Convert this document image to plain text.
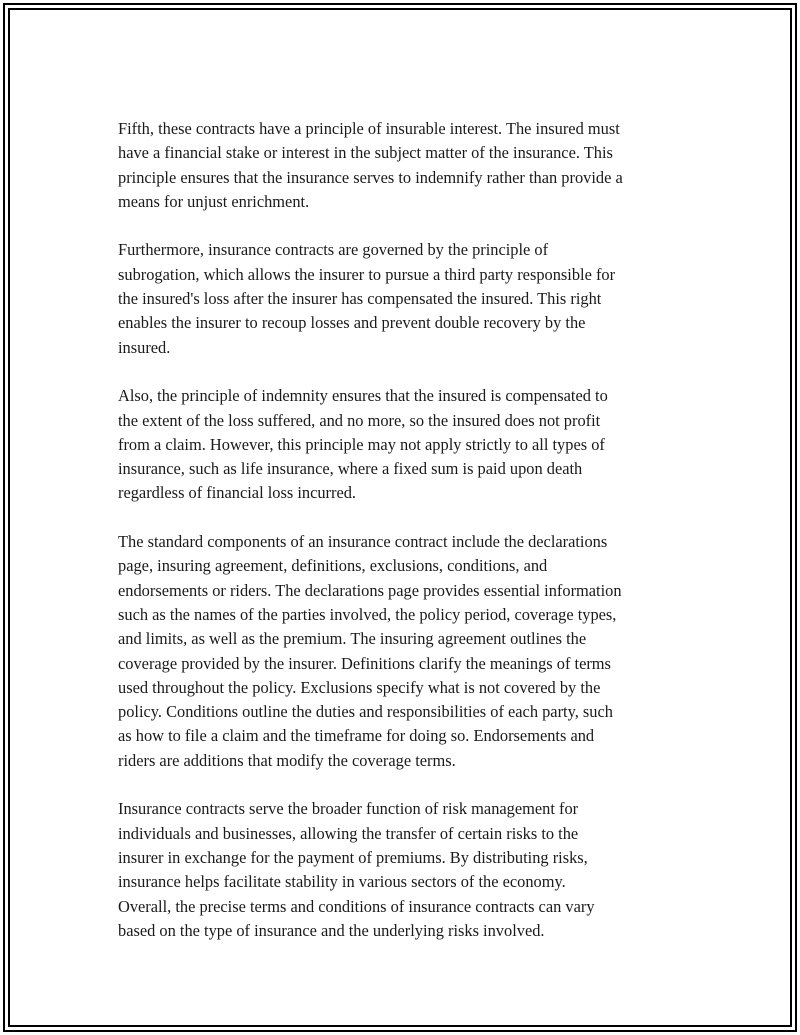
Fifth, these contracts have a principle of insurable interest. The insured must
have a financial stake or interest in the subject matter of the insurance. This
principle ensures that the insurance serves to indemnify rather than provide a
means for unjust enrichment.

Furthermore, insurance contracts are governed by the principle of
subrogation, which allows the insurer to pursue a third party responsible for
the insured's loss after the insurer has compensated the insured. This right
enables the insurer to recoup losses and prevent double recovery by the
insured.

Also, the principle of indemnity ensures that the insured is compensated to
the extent of the loss suffered, and no more, so the insured does not profit
from a claim. However, this principle may not apply strictly to all types of
insurance, such as life insurance, where a fixed sum is paid upon death
regardless of financial loss incurred.

The standard components of an insurance contract include the declarations
page, insuring agreement, definitions, exclusions, conditions, and
endorsements or riders. The declarations page provides essential information
such as the names of the parties involved, the policy period, coverage types,
and limits, as well as the premium. The insuring agreement outlines the
coverage provided by the insurer. Definitions clarify the meanings of terms
used throughout the policy. Exclusions specify what is not covered by the
policy. Conditions outline the duties and responsibilities of each party, such
as how to file a claim and the timeframe for doing so. Endorsements and
riders are additions that modify the coverage terms.

Insurance contracts serve the broader function of risk management for
individuals and businesses, allowing the transfer of certain risks to the
insurer in exchange for the payment of premiums. By distributing risks,
insurance helps facilitate stability in various sectors of the economy.
Overall, the precise terms and conditions of insurance contracts can vary
based on the type of insurance and the underlying risks involved.
